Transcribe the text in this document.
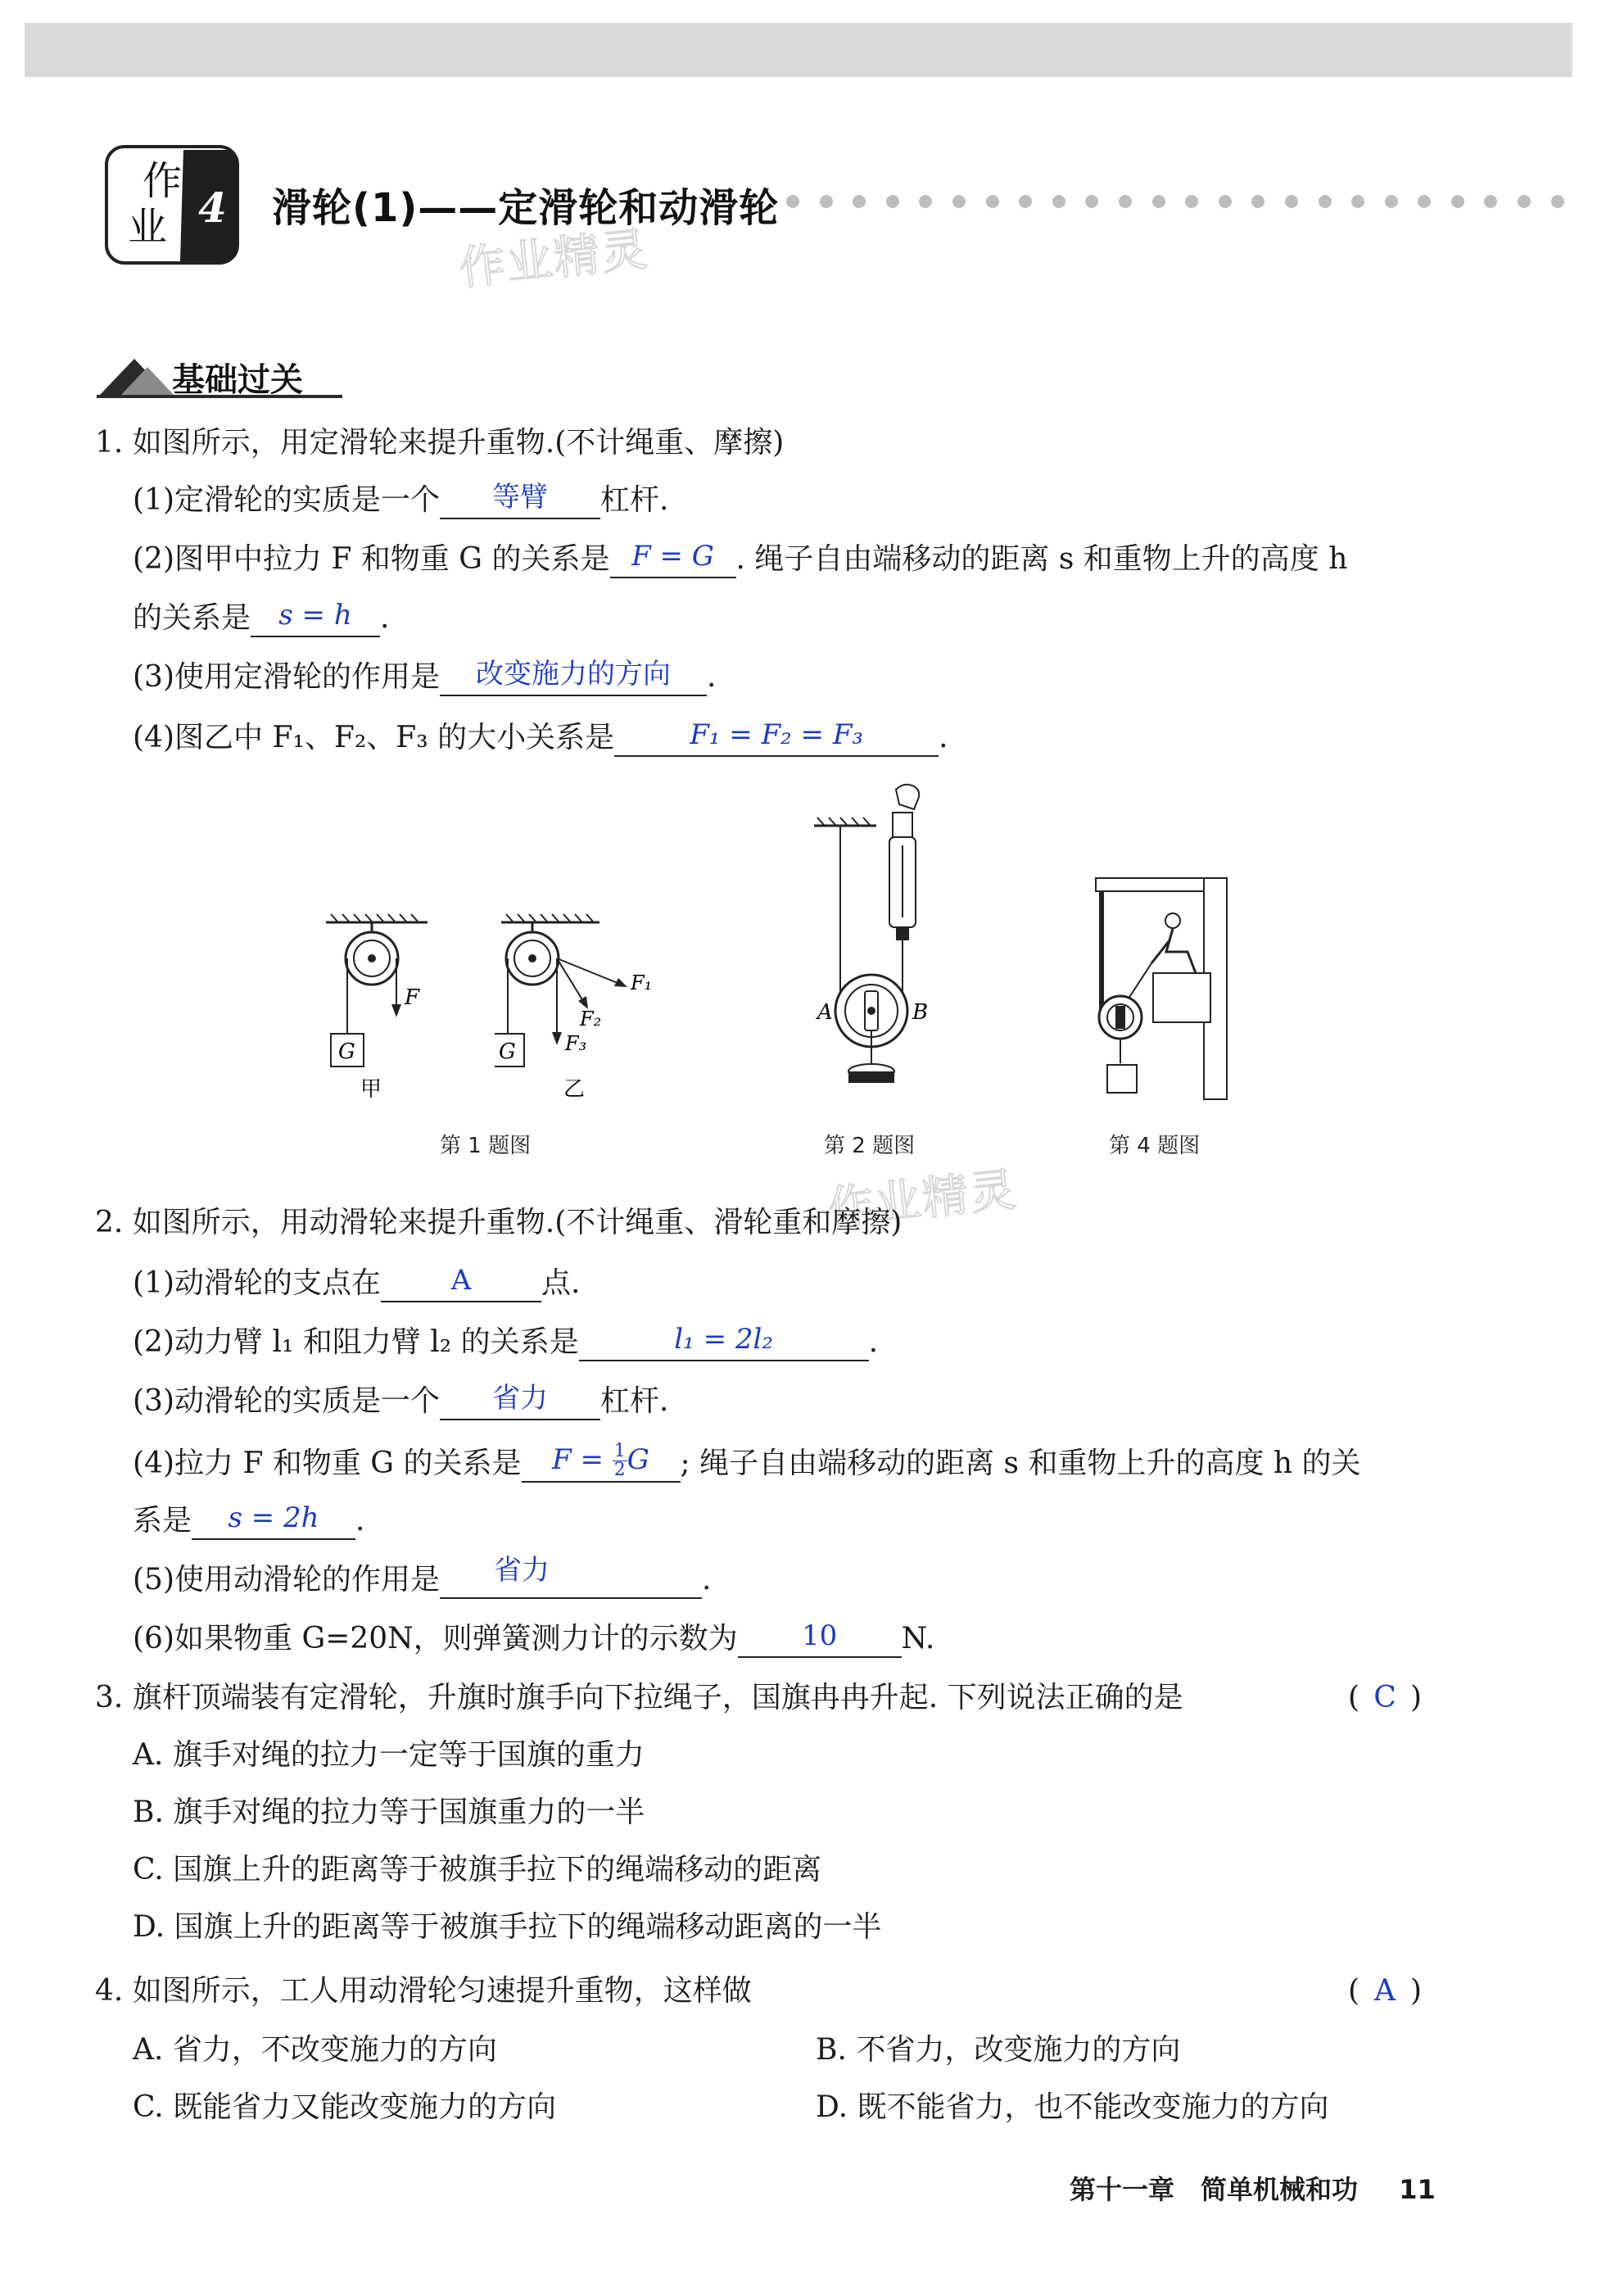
作
业 4 滑轮(1)——定滑轮和动滑轮
作业精灵
基础过关
1. 如图所示，用定滑轮来提升重物.(不计绳重、摩擦)
(1)定滑轮的实质是一个	等臂	杠杆.
(2)图甲中拉力 F 和物重 G 的关系是 F = G . 绳子自由端移动的距离 s 和重物上升的高度 h
的关系是	s = h .
(3)使用定滑轮的作用是	改变施力的方向	.
(4)图乙中 F₁、F₂、F₃ 的大小关系是	F₁ = F₂ = F₃	.
F
G
甲
F₁
F₂
F₃
G
乙
A	B
第 1 题图	第 2 题图	第 4 题图
作业精灵
2. 如图所示，用动滑轮来提升重物.(不计绳重、滑轮重和摩擦)
(1)动滑轮的支点在	A	点.
(2)动力臂 l₁ 和阻力臂 l₂ 的关系是	l₁ = 2l₂	.
(3)动滑轮的实质是一个	省力	杠杆.
(4)拉力 F 和物重 G 的关系是	$F = \frac{1}{2}$ G	; 绳子自由端移动的距离 s 和重物上升的高度 h 的关
系是	s = 2h	.
(5)使用动滑轮的作用是	省力	.
(6)如果物重 G=20N，则弹簧测力计的示数为	10	N.
3. 旗杆顶端装有定滑轮，升旗时旗手向下拉绳子，国旗冉冉升起. 下列说法正确的是	( C )
A. 旗手对绳的拉力一定等于国旗的重力
B. 旗手对绳的拉力等于国旗重力的一半
C. 国旗上升的距离等于被旗手拉下的绳端移动的距离
D. 国旗上升的距离等于被旗手拉下的绳端移动距离的一半
4. 如图所示，工人用动滑轮匀速提升重物，这样做	( A )
A. 省力，不改变施力的方向	B. 不省力，改变施力的方向
C. 既能省力又能改变施力的方向	D. 既不能省力，也不能改变施力的方向
第十一章　简单机械和功 11
